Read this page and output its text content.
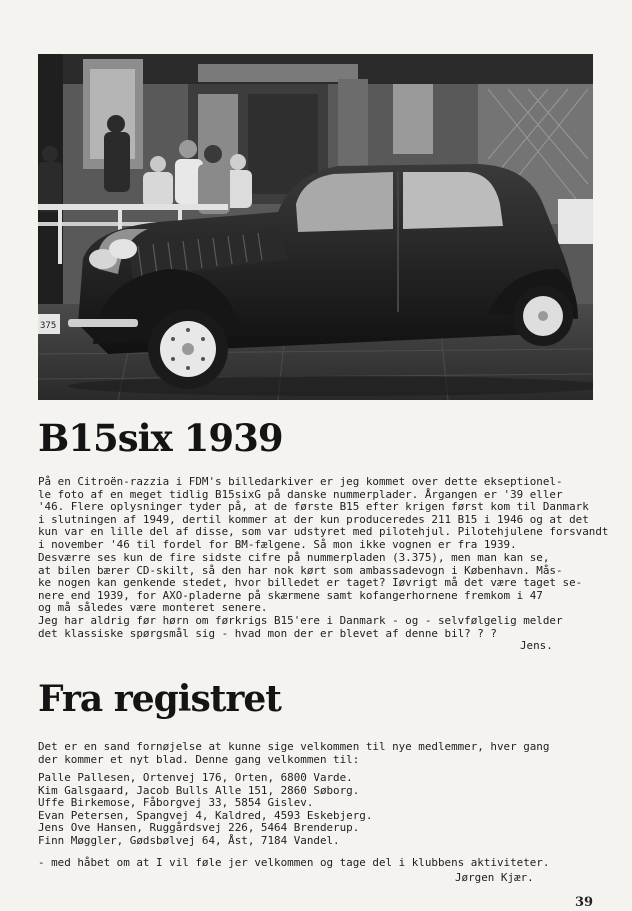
375
B15six 1939
På en Citroën-razzia i FDM's billedarkiver er jeg kommet over dette ekseptionel-
le foto af en meget tidlig B15sixG på danske nummerplader. Årgangen er '39 eller
'46. Flere oplysninger tyder på, at de første B15 efter krigen først kom til Danmark
i slutningen af 1949, dertil kommer at der kun produceredes 211 B15 i 1946 og at det
kun var en lille del af disse, som var udstyret med pilotehjul. Pilotehjulene forsvandt
i november '46 til fordel for BM-fælgene. Så mon ikke vognen er fra 1939.
Desværre ses kun de fire sidste cifre på nummerpladen (3.375), men man kan se,
at bilen bærer CD-skilt, så den har nok kørt som ambassadevogn i København. Mås-
ke nogen kan genkende stedet, hvor billedet er taget? Iøvrigt må det være taget se-
nere end 1939, for AXO-pladerne på skærmene samt kofangerhornene fremkom i 47
og må således være monteret senere.
Jeg har aldrig før hørn om førkrigs B15'ere i Danmark - og - selvfølgelig melder
det klassiske spørgsmål sig - hvad mon der er blevet af denne bil? ? ?
Jens.
Fra registret
Det er en sand fornøjelse at kunne sige velkommen til nye medlemmer, hver gang
der kommer et nyt blad. Denne gang velkommen til:
Palle Pallesen, Ortenvej 176, Orten, 6800 Varde.
Kim Galsgaard, Jacob Bulls Alle 151, 2860 Søborg.
Uffe Birkemose, Fåborgvej 33, 5854 Gislev.
Evan Petersen, Spangvej 4, Kaldred, 4593 Eskebjerg.
Jens Ove Hansen, Ruggårdsvej 226, 5464 Brenderup.
Finn Møggler, Gødsbølvej 64, Åst, 7184 Vandel.
- med håbet om at I vil føle jer velkommen og tage del i klubbens aktiviteter.
Jørgen Kjær.
39
